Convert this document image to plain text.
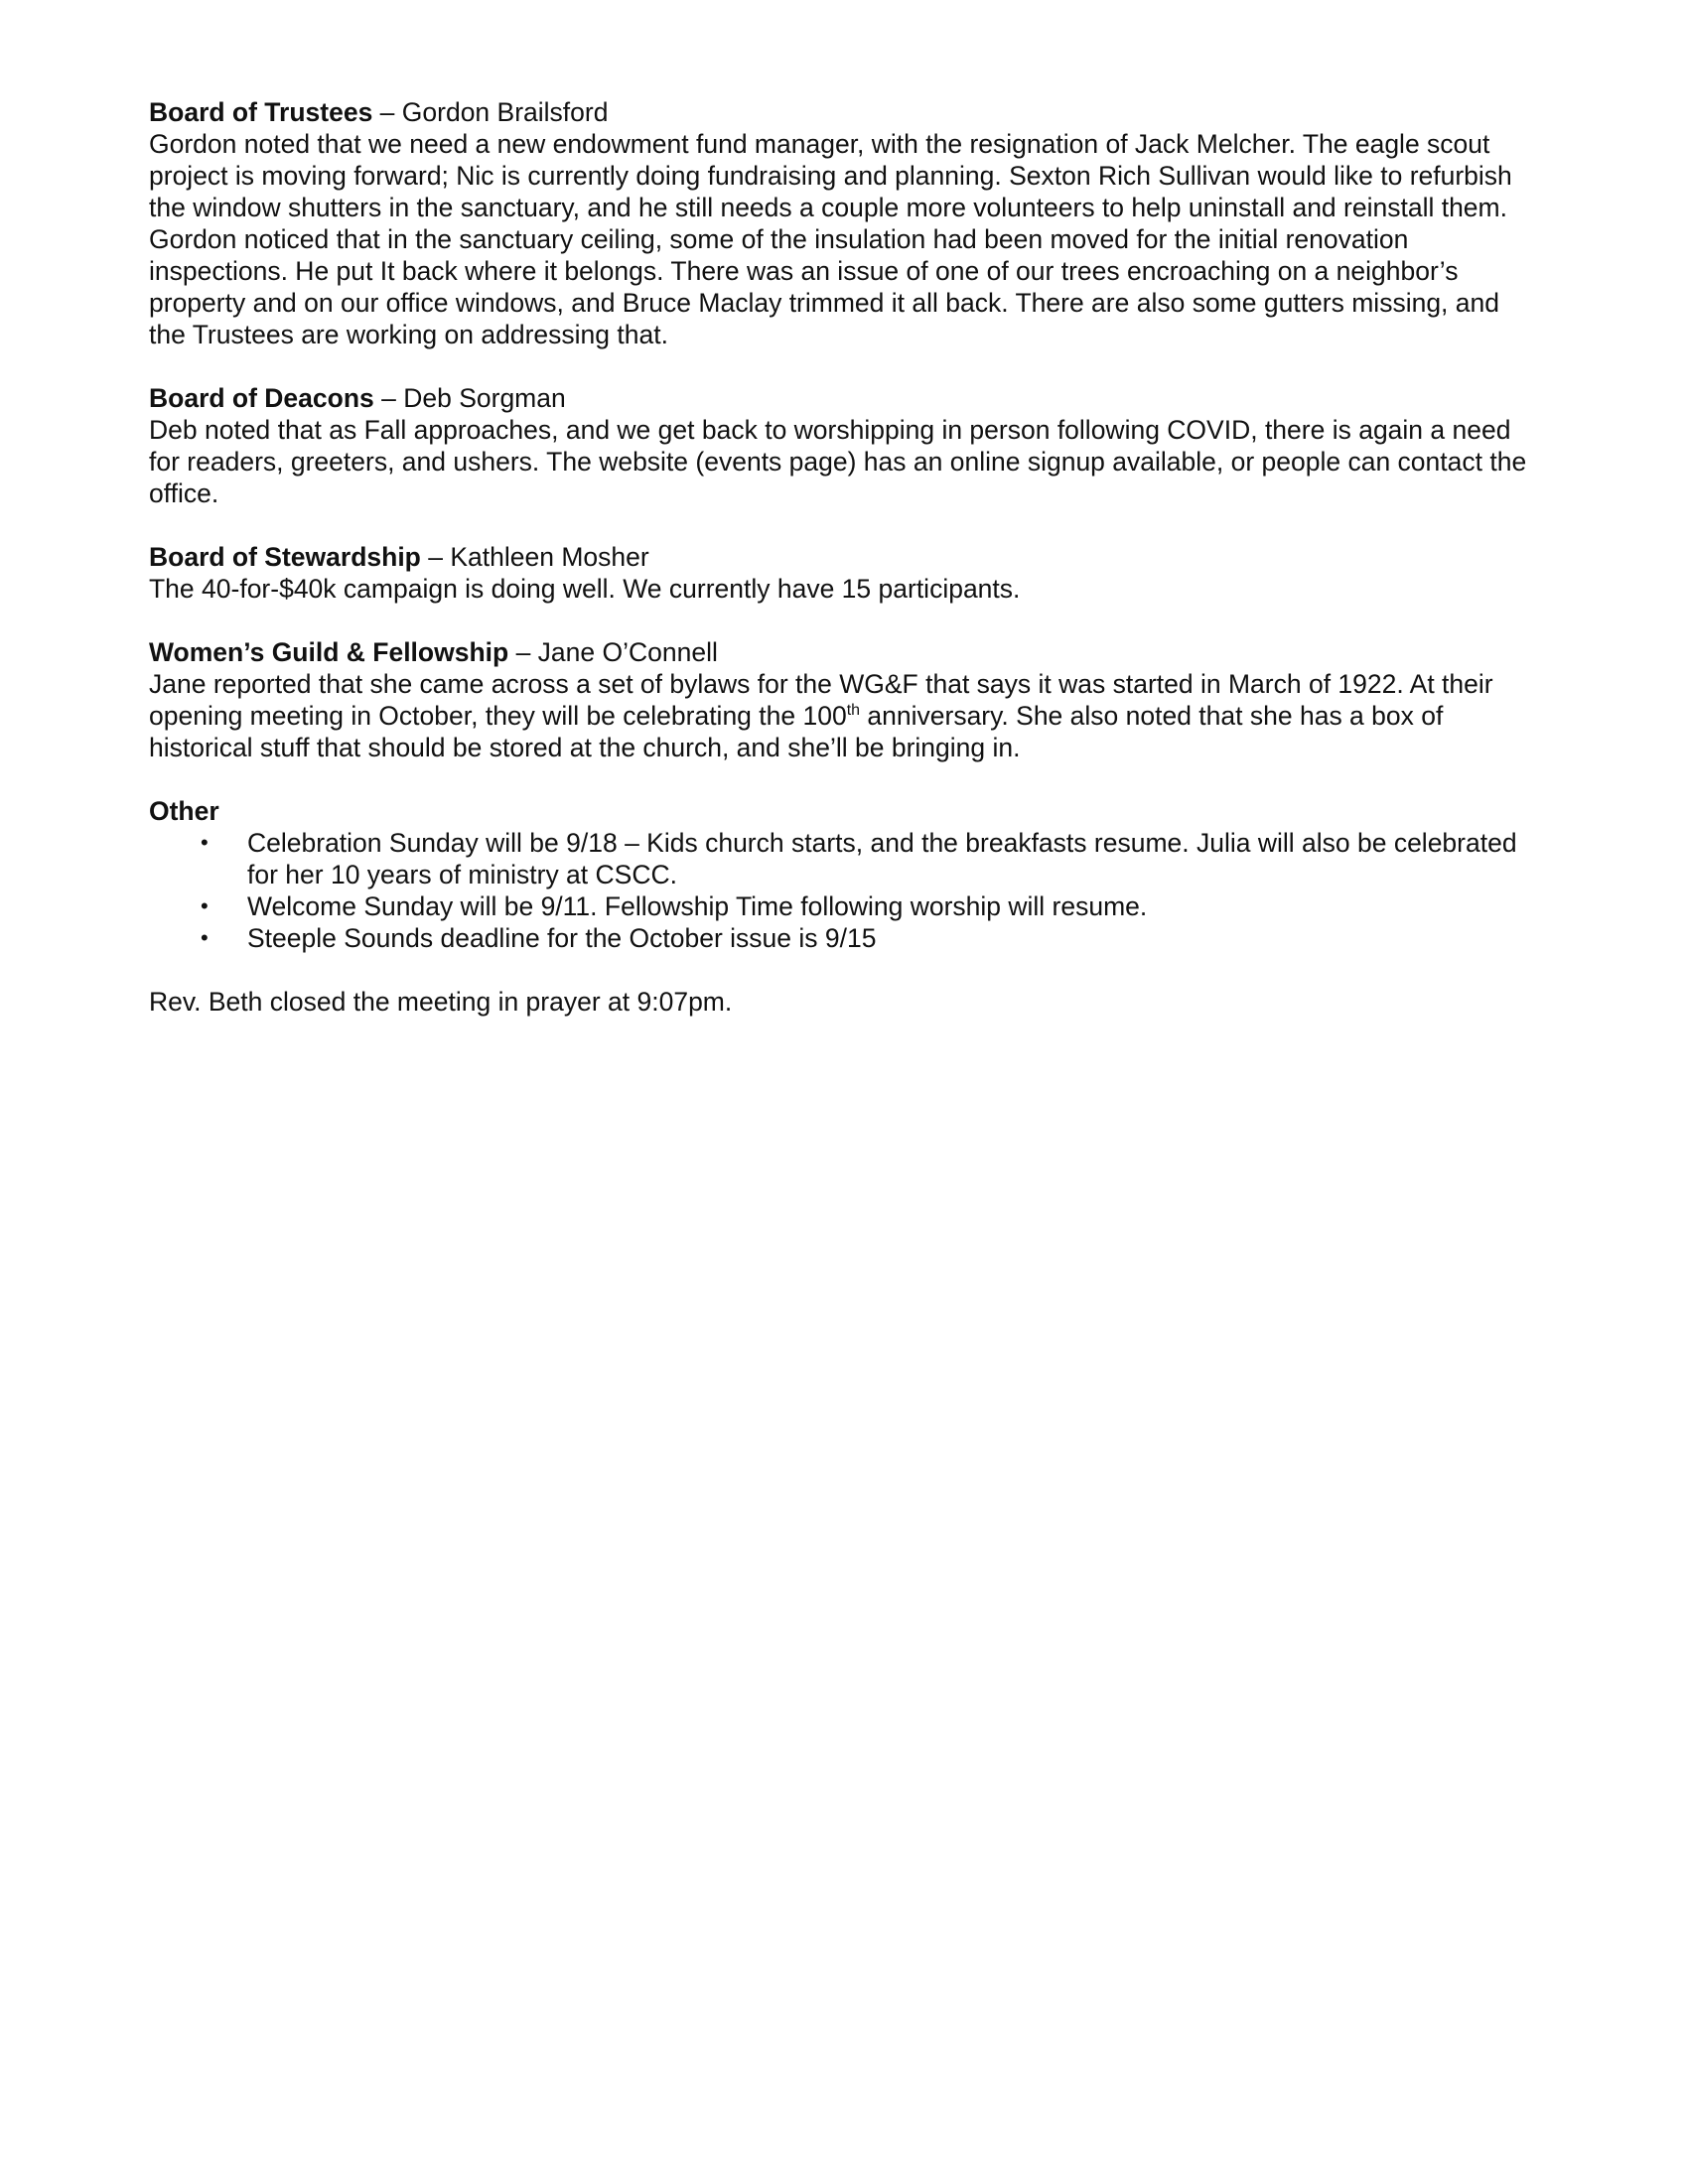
Board of Trustees – Gordon Brailsford

Gordon noted that we need a new endowment fund manager, with the resignation of Jack Melcher. The eagle scout project is moving forward; Nic is currently doing fundraising and planning. Sexton Rich Sullivan would like to refurbish the window shutters in the sanctuary, and he still needs a couple more volunteers to help uninstall and reinstall them. Gordon noticed that in the sanctuary ceiling, some of the insulation had been moved for the initial renovation inspections. He put It back where it belongs. There was an issue of one of our trees encroaching on a neighbor’s property and on our office windows, and Bruce Maclay trimmed it all back. There are also some gutters missing, and the Trustees are working on addressing that.

Board of Deacons – Deb Sorgman

Deb noted that as Fall approaches, and we get back to worshipping in person following COVID, there is again a need for readers, greeters, and ushers. The website (events page) has an online signup available, or people can contact the office.

Board of Stewardship – Kathleen Mosher

The 40-for-$40k campaign is doing well. We currently have 15 participants.

Women’s Guild & Fellowship – Jane O’Connell

Jane reported that she came across a set of bylaws for the WG&F that says it was started in March of 1922. At their opening meeting in October, they will be celebrating the 100th anniversary. She also noted that she has a box of historical stuff that should be stored at the church, and she’ll be bringing in.

Other

• Celebration Sunday will be 9/18 – Kids church starts, and the breakfasts resume. Julia will also be celebrated for her 10 years of ministry at CSCC.
• Welcome Sunday will be 9/11. Fellowship Time following worship will resume.
• Steeple Sounds deadline for the October issue is 9/15

Rev. Beth closed the meeting in prayer at 9:07pm.
